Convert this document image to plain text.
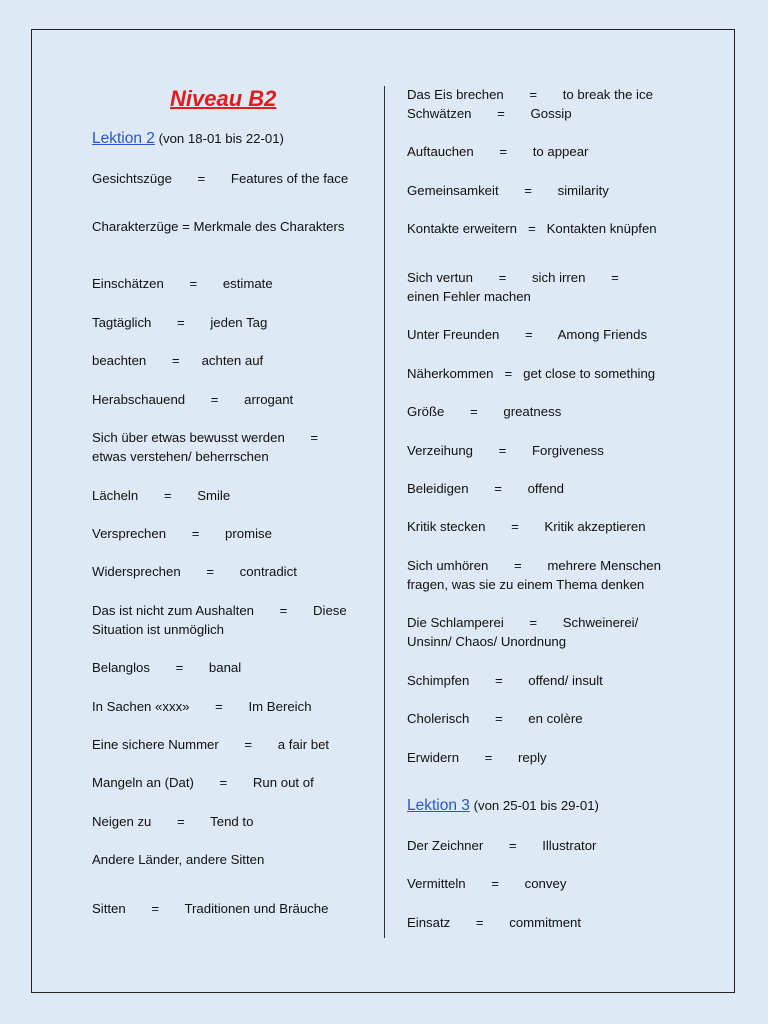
Niveau B2
Lektion 2 (von 18-01 bis 22-01)
Gesichtszüge       =       Features of the face
Charakterzüge = Merkmale des Charakters
Einschätzen       =       estimate
Tagtäglich       =       jeden Tag
beachten       =      achten auf
Herabschauend       =       arrogant
Sich über etwas bewusst werden       =
etwas verstehen/ beherrschen
Lächeln       =       Smile
Versprechen       =       promise
Widersprechen       =       contradict
Das ist nicht zum Aushalten       =       Diese
Situation ist unmöglich
Belanglos       =       banal
In Sachen «xxx»       =       Im Bereich
Eine sichere Nummer       =       a fair bet
Mangeln an (Dat)       =       Run out of
Neigen zu       =       Tend to
Andere Länder, andere Sitten
Sitten       =       Traditionen und Bräuche
Das Eis brechen       =       to break the ice
Schwätzen       =       Gossip
Auftauchen       =       to appear
Gemeinsamkeit       =       similarity
Kontakte erweitern   =   Kontakten knüpfen
Sich vertun       =       sich irren       =
einen Fehler machen
Unter Freunden       =       Among Friends
Näherkommen   =   get close to something
Größe       =       greatness
Verzeihung       =       Forgiveness
Beleidigen       =       offend
Kritik stecken       =       Kritik akzeptieren
Sich umhören       =       mehrere Menschen
fragen, was sie zu einem Thema denken
Die Schlamperei       =       Schweinerei/
Unsinn/ Chaos/ Unordnung
Schimpfen       =       offend/ insult
Cholerisch       =       en colère
Erwidern       =       reply
Lektion 3 (von 25-01 bis 29-01)
Der Zeichner       =       Illustrator
Vermitteln       =       convey
Einsatz       =       commitment
